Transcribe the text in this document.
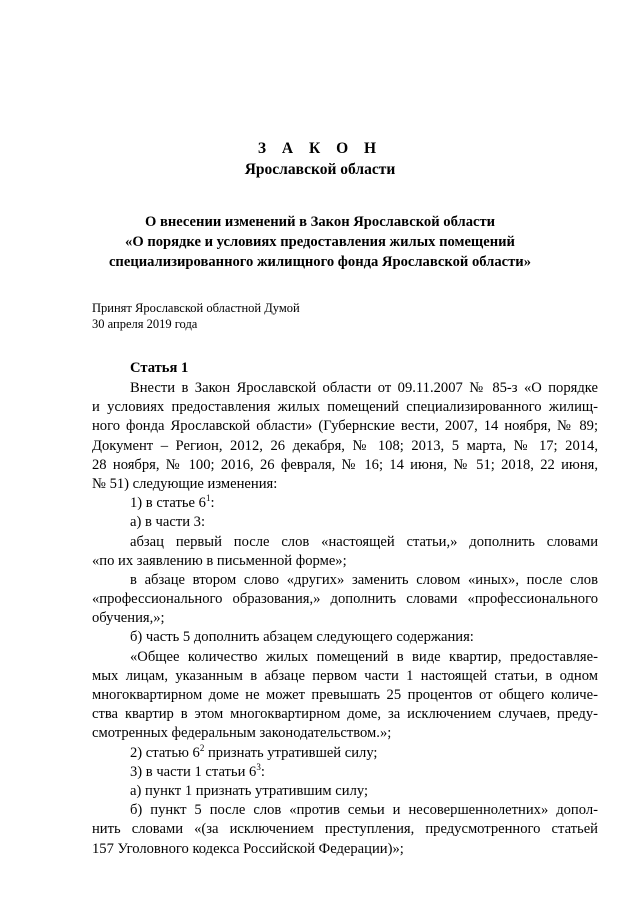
З А К О Н
Ярославской области
О внесении изменений в Закон Ярославской области
«О порядке и условиях предоставления жилых помещений
специализированного жилищного фонда Ярославской области»
Принят Ярославской областной Думой
30 апреля 2019 года
Статья 1
Внести в Закон Ярославской области от 09.11.2007 № 85-з «О порядке
и условиях предоставления жилых помещений специализированного жилищ-
ного фонда Ярославской области» (Губернские вести, 2007, 14 ноября, № 89;
Документ – Регион, 2012, 26 декабря, № 108; 2013, 5 марта, № 17; 2014,
28 ноября, № 100; 2016, 26 февраля, № 16; 14 июня, № 51; 2018, 22 июня,
№ 51) следующие изменения:
1) в статье $6^1$:
а) в части 3:
абзац первый после слов «настоящей статьи,» дополнить словами
«по их заявлению в письменной форме»;
в абзаце втором слово «других» заменить словом «иных», после слов
«профессионального образования,» дополнить словами «профессионального
обучения,»;
б) часть 5 дополнить абзацем следующего содержания:
«Общее количество жилых помещений в виде квартир, предоставляе-
мых лицам, указанным в абзаце первом части 1 настоящей статьи, в одном
многоквартирном доме не может превышать 25 процентов от общего количе-
ства квартир в этом многоквартирном доме, за исключением случаев, преду-
смотренных федеральным законодательством.»;
2) статью $6^2$ признать утратившей силу;
3) в части 1 статьи $6^3$:
а) пункт 1 признать утратившим силу;
б) пункт 5 после слов «против семьи и несовершеннолетних» допол-
нить словами «(за исключением преступления, предусмотренного статьей
157 Уголовного кодекса Российской Федерации)»;
